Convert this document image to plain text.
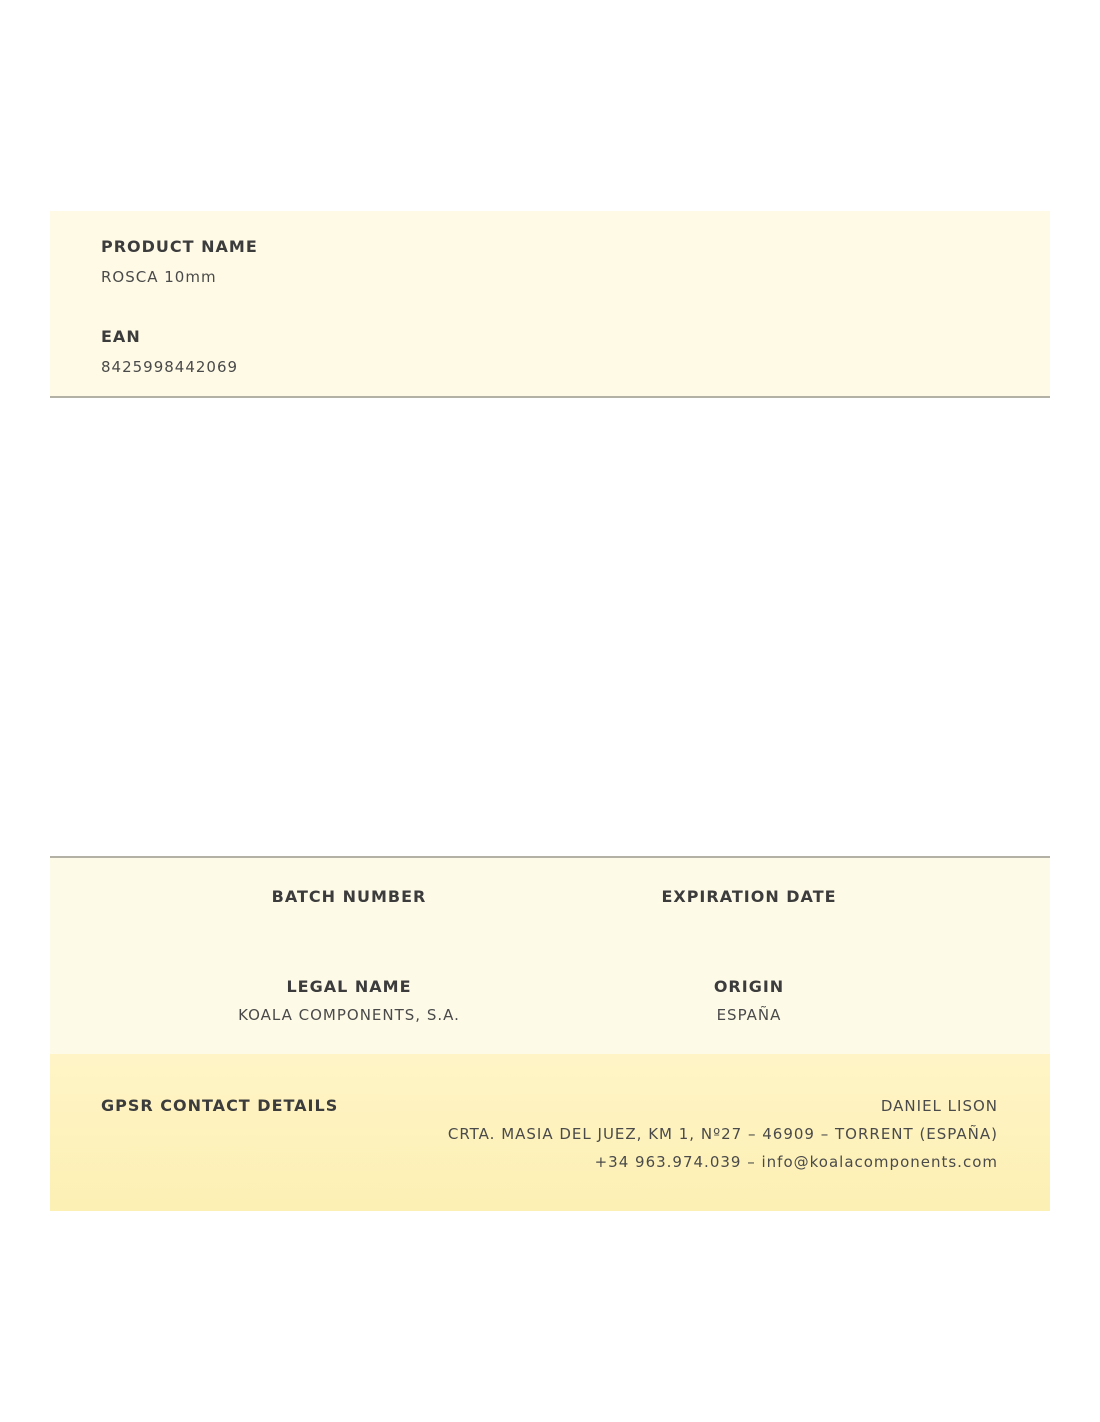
PRODUCT NAME
ROSCA 10mm
EAN
8425998442069
BATCH NUMBER	EXPIRATION DATE
LEGAL NAME
KOALA COMPONENTS, S.A.
ORIGIN
ESPAÑA
GPSR CONTACT DETAILS	DANIEL LISON
CRTA. MASIA DEL JUEZ, KM 1, Nº27 – 46909 – TORRENT (ESPAÑA)
+34 963.974.039 – info@koalacomponents.com
